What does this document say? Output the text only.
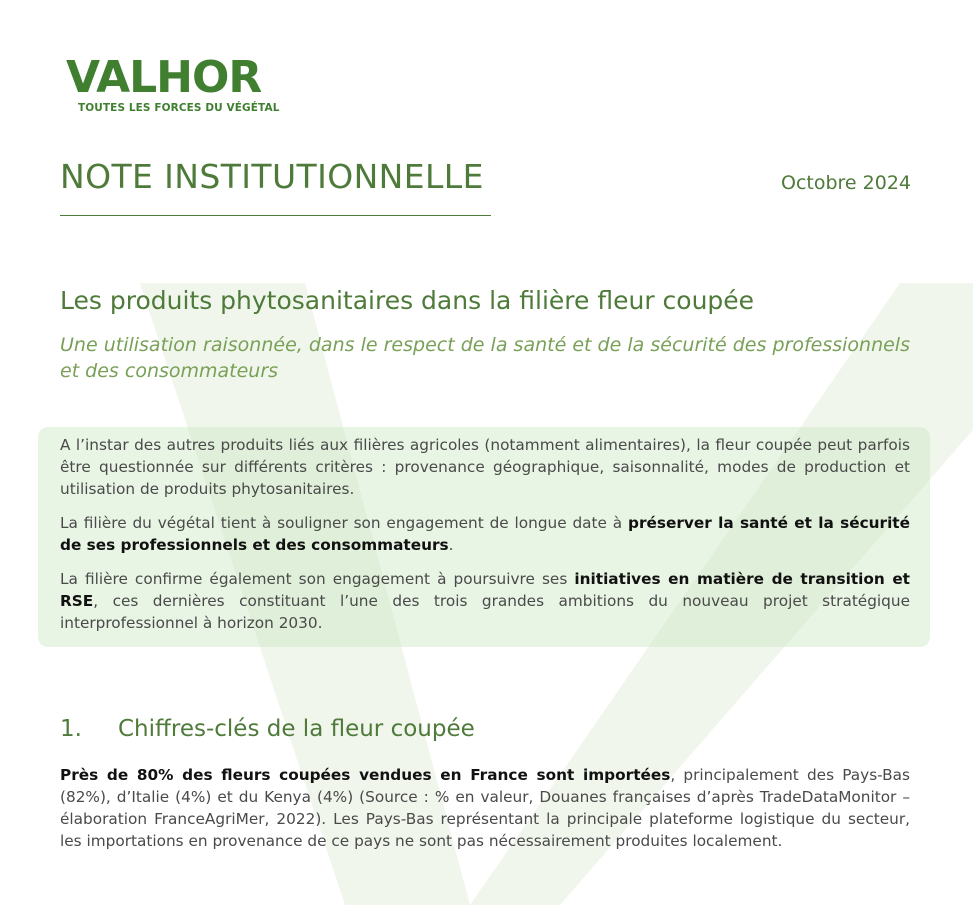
VALHOR
TOUTES LES FORCES DU VÉGÉTAL
NOTE INSTITUTIONNELLE	Octobre 2024
Les produits phytosanitaires dans la filière fleur coupée
Une utilisation raisonnée, dans le respect de la santé et de la sécurité des professionnels et des consommateurs

A l’instar des autres produits liés aux filières agricoles (notamment alimentaires), la fleur coupée peut parfois être questionnée sur différents critères : provenance géographique, saisonnalité, modes de production et utilisation de produits phytosanitaires.

La filière du végétal tient à souligner son engagement de longue date à préserver la santé et la sécurité de ses professionnels et des consommateurs.

La filière confirme également son engagement à poursuivre ses initiatives en matière de transition et RSE, ces dernières constituant l’une des trois grandes ambitions du nouveau projet stratégique interprofessionnel à horizon 2030.

1. Chiffres-clés de la fleur coupée

Près de 80% des fleurs coupées vendues en France sont importées, principalement des Pays-Bas (82%), d’Italie (4%) et du Kenya (4%) (Source : % en valeur, Douanes françaises d’après TradeDataMonitor – élaboration FranceAgriMer, 2022). Les Pays-Bas représentant la principale plateforme logistique du secteur, les importations en provenance de ce pays ne sont pas nécessairement produites localement.
